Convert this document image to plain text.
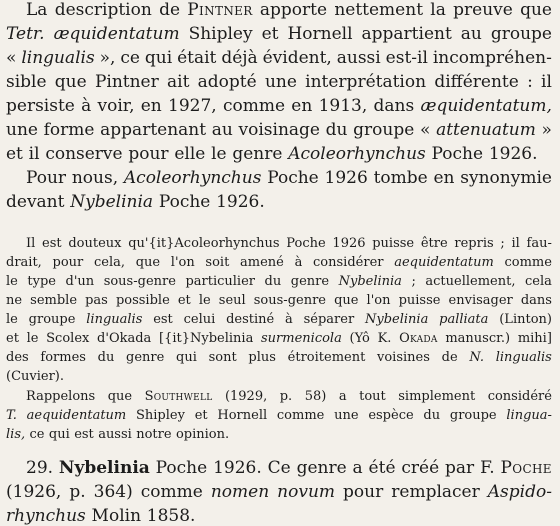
La description de Pintner apporte nettement la preuve que
Tetr. æquidentatum Shipley et Hornell appartient au groupe
« lingualis », ce qui était déjà évident, aussi est-il incompréhen-
sible que Pintner ait adopté une interprétation différente : il
persiste à voir, en 1927, comme en 1913, dans æquidentatum,
une forme appartenant au voisinage du groupe « attenuatum »
et il conserve pour elle le genre Acoleorhynchus Poche 1926.
Pour nous, Acoleorhynchus Poche 1926 tombe en synonymie
devant Nybelinia Poche 1926.
Il est douteux qu'{it}Acoleorhynchus Poche 1926 puisse être repris ; il fau-
drait, pour cela, que l'on soit amené à considérer aequidentatum comme
le type d'un sous-genre particulier du genre Nybelinia ; actuellement, cela
ne semble pas possible et le seul sous-genre que l'on puisse envisager dans
le groupe lingualis est celui destiné à séparer Nybelinia palliata (Linton)
et le Scolex d'Okada [{it}Nybelinia surmenicola (Yô K. Okada manuscr.) mihi]
des formes du genre qui sont plus étroitement voisines de N. lingualis
(Cuvier).
Rappelons que Southwell (1929, p. 58) a tout simplement considéré
T. aequidentatum Shipley et Hornell comme une espèce du groupe lingua-
lis, ce qui est aussi notre opinion.
29. Nybelinia Poche 1926. Ce genre a été créé par F. Poche
(1926, p. 364) comme nomen novum pour remplacer Aspido-
rhynchus Molin 1858.
